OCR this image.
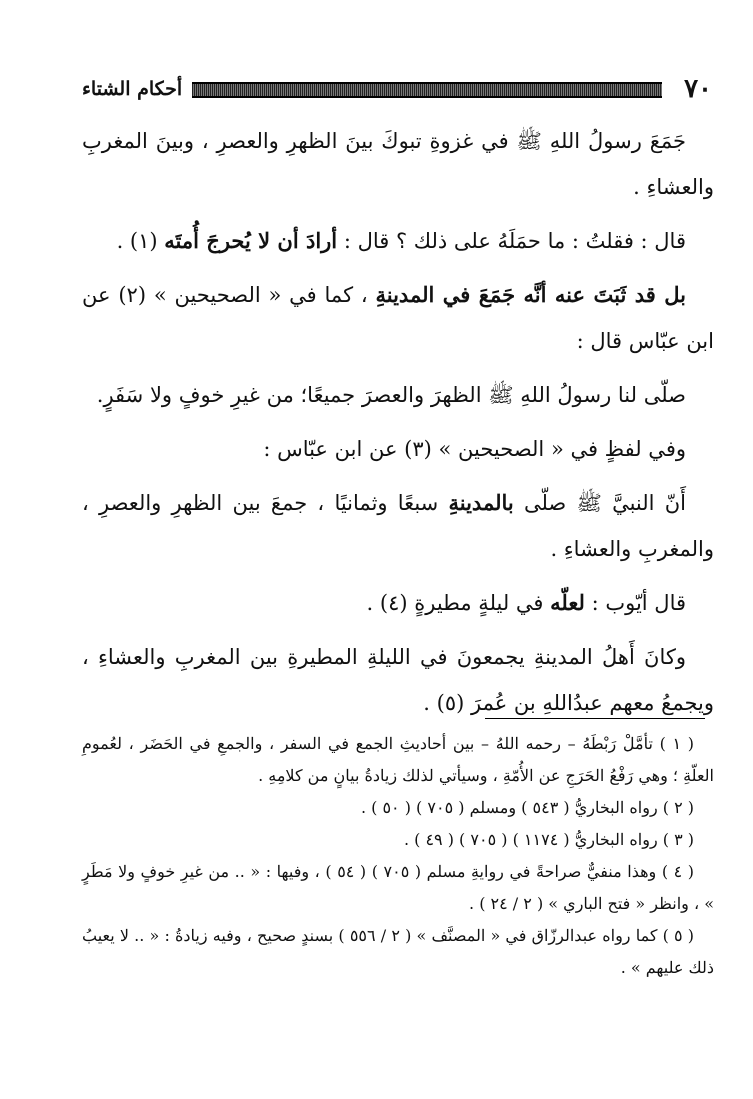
٧٠
أحكام الشتاء

جَمَعَ رسولُ اللهِ ﷺ في غزوةِ تبوكَ بينَ الظهرِ والعصرِ ، وبينَ المغربِ والعشاءِ .

قال : فقلتُ : ما حمَلَهُ على ذلك ؟ قال : أرادَ أن لا يُحرجَ أُمتَه (١) .

بل قد ثَبَتَ عنه أنَّه جَمَعَ في المدينةِ ، كما في « الصحيحين » (٢) عن ابن عبّاس قال :

صلّى لنا رسولُ اللهِ ﷺ الظهرَ والعصرَ جميعًا؛ من غيرِ خوفٍ ولا سَفَرٍ.

وفي لفظٍ في « الصحيحين » (٣) عن ابن عبّاس :

أَنّ النبيَّ ﷺ صلّى بالمدينةِ سبعًا وثمانيًا ، جمعَ بين الظهرِ والعصرِ ، والمغربِ والعشاءِ .

قال أيّوب : لعلّه في ليلةٍ مطيرةٍ (٤) .

وكانَ أَهلُ المدينةِ يجمعونَ في الليلةِ المطيرةِ بين المغربِ والعشاءِ ، ويجمعُ معهم عبدُاللهِ بن عُمرَ (٥) .

( ١ ) تأمَّلْ رَبْطَهُ – رحمه اللهُ – بين أحاديثِ الجمع في السفر ، والجمعِ في الحَضَر ، لعُمومِ العلّةِ ؛ وهي رَفْعُ الحَرَجِ عن الأُمّةِ ، وسيأتي لذلك زيادةُ بيانٍ من كلامِهِ .

( ٢ ) رواه البخاريُّ ( ٥٤٣ ) ومسلم ( ٧٠٥ ) ( ٥٠ ) .

( ٣ ) رواه البخاريُّ ( ١١٧٤ ) ( ٧٠٥ ) ( ٤٩ ) .

( ٤ ) وهذا منفيٌّ صراحةً في روايةِ مسلم ( ٧٠٥ ) ( ٥٤ ) ، وفيها : « .. من غيرِ خوفٍ ولا مَطَرٍ » ، وانظر « فتح الباري » ( ٢ / ٢٤ ) .

( ٥ ) كما رواه عبدالرزّاق في « المصنَّف » ( ٢ / ٥٥٦ ) بسندٍ صحيح ، وفيه زيادةُ : « .. لا يعيبُ ذلك عليهم » .
